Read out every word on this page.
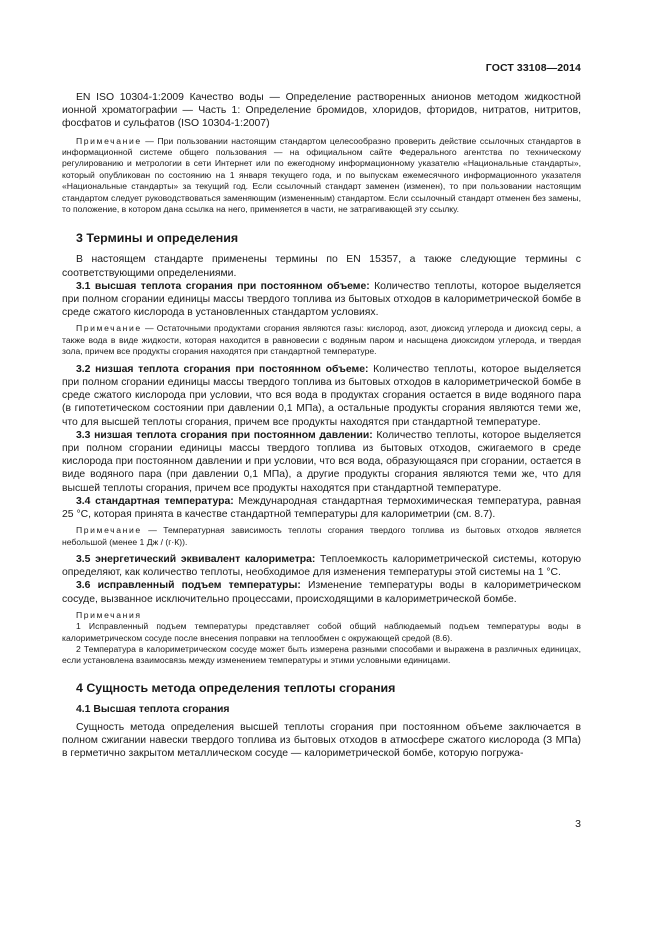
ГОСТ 33108—2014

EN ISO 10304-1:2009 Качество воды — Определение растворенных анионов методом жидкостной ионной хроматографии — Часть 1: Определение бромидов, хлоридов, фторидов, нитратов, нитритов, фосфатов и сульфатов (ISO 10304-1:2007)

Примечание — При пользовании настоящим стандартом целесообразно проверить действие ссылочных стандартов в информационной системе общего пользования — на официальном сайте Федерального агентства по техническому регулированию и метрологии в сети Интернет или по ежегодному информационному указателю «Национальные стандарты», который опубликован по состоянию на 1 января текущего года, и по выпускам ежемесячного информационного указателя «Национальные стандарты» за текущий год. Если ссылочный стандарт заменен (изменен), то при пользовании настоящим стандартом следует руководствоваться заменяющим (измененным) стандартом. Если ссылочный стандарт отменен без замены, то положение, в котором дана ссылка на него, применяется в части, не затрагивающей эту ссылку.

3 Термины и определения

В настоящем стандарте применены термины по EN 15357, а также следующие термины с соответствующими определениями.

3.1 высшая теплота сгорания при постоянном объеме: Количество теплоты, которое выделяется при полном сгорании единицы массы твердого топлива из бытовых отходов в калориметрической бомбе в среде сжатого кислорода в установленных стандартом условиях.

Примечание — Остаточными продуктами сгорания являются газы: кислород, азот, диоксид углерода и диоксид серы, а также вода в виде жидкости, которая находится в равновесии с водяным паром и насыщена диоксидом углерода, и твердая зола, причем все продукты сгорания находятся при стандартной температуре.

3.2 низшая теплота сгорания при постоянном объеме: Количество теплоты, которое выделяется при полном сгорании единицы массы твердого топлива из бытовых отходов в калориметрической бомбе в среде сжатого кислорода при условии, что вся вода в продуктах сгорания остается в виде водяного пара (в гипотетическом состоянии при давлении 0,1 МПа), а остальные продукты сгорания являются теми же, что для высшей теплоты сгорания, причем все продукты находятся при стандартной температуре.

3.3 низшая теплота сгорания при постоянном давлении: Количество теплоты, которое выделяется при полном сгорании единицы массы твердого топлива из бытовых отходов, сжигаемого в среде кислорода при постоянном давлении и при условии, что вся вода, образующаяся при сгорании, остается в виде водяного пара (при давлении 0,1 МПа), а другие продукты сгорания являются теми же, что для высшей теплоты сгорания, причем все продукты находятся при стандартной температуре.

3.4 стандартная температура: Международная стандартная термохимическая температура, равная 25 °С, которая принята в качестве стандартной температуры для калориметрии (см. 8.7).

Примечание — Температурная зависимость теплоты сгорания твердого топлива из бытовых отходов является небольшой (менее 1 Дж / (г·К)).

3.5 энергетический эквивалент калориметра: Теплоемкость калориметрической системы, которую определяют, как количество теплоты, необходимое для изменения температуры этой системы на 1 °С.

3.6 исправленный подъем температуры: Изменение температуры воды в калориметрическом сосуде, вызванное исключительно процессами, происходящими в калориметрической бомбе.

Примечания

1 Исправленный подъем температуры представляет собой общий наблюдаемый подъем температуры воды в калориметрическом сосуде после внесения поправки на теплообмен с окружающей средой (8.6).

2 Температура в калориметрическом сосуде может быть измерена разными способами и выражена в различных единицах, если установлена взаимосвязь между изменением температуры и этими условными единицами.

4 Сущность метода определения теплоты сгорания

4.1 Высшая теплота сгорания

Сущность метода определения высшей теплоты сгорания при постоянном объеме заключается в полном сжигании навески твердого топлива из бытовых отходов в атмосфере сжатого кислорода (3 МПа) в герметично закрытом металлическом сосуде — калориметрической бомбе, которую погружа-

3
